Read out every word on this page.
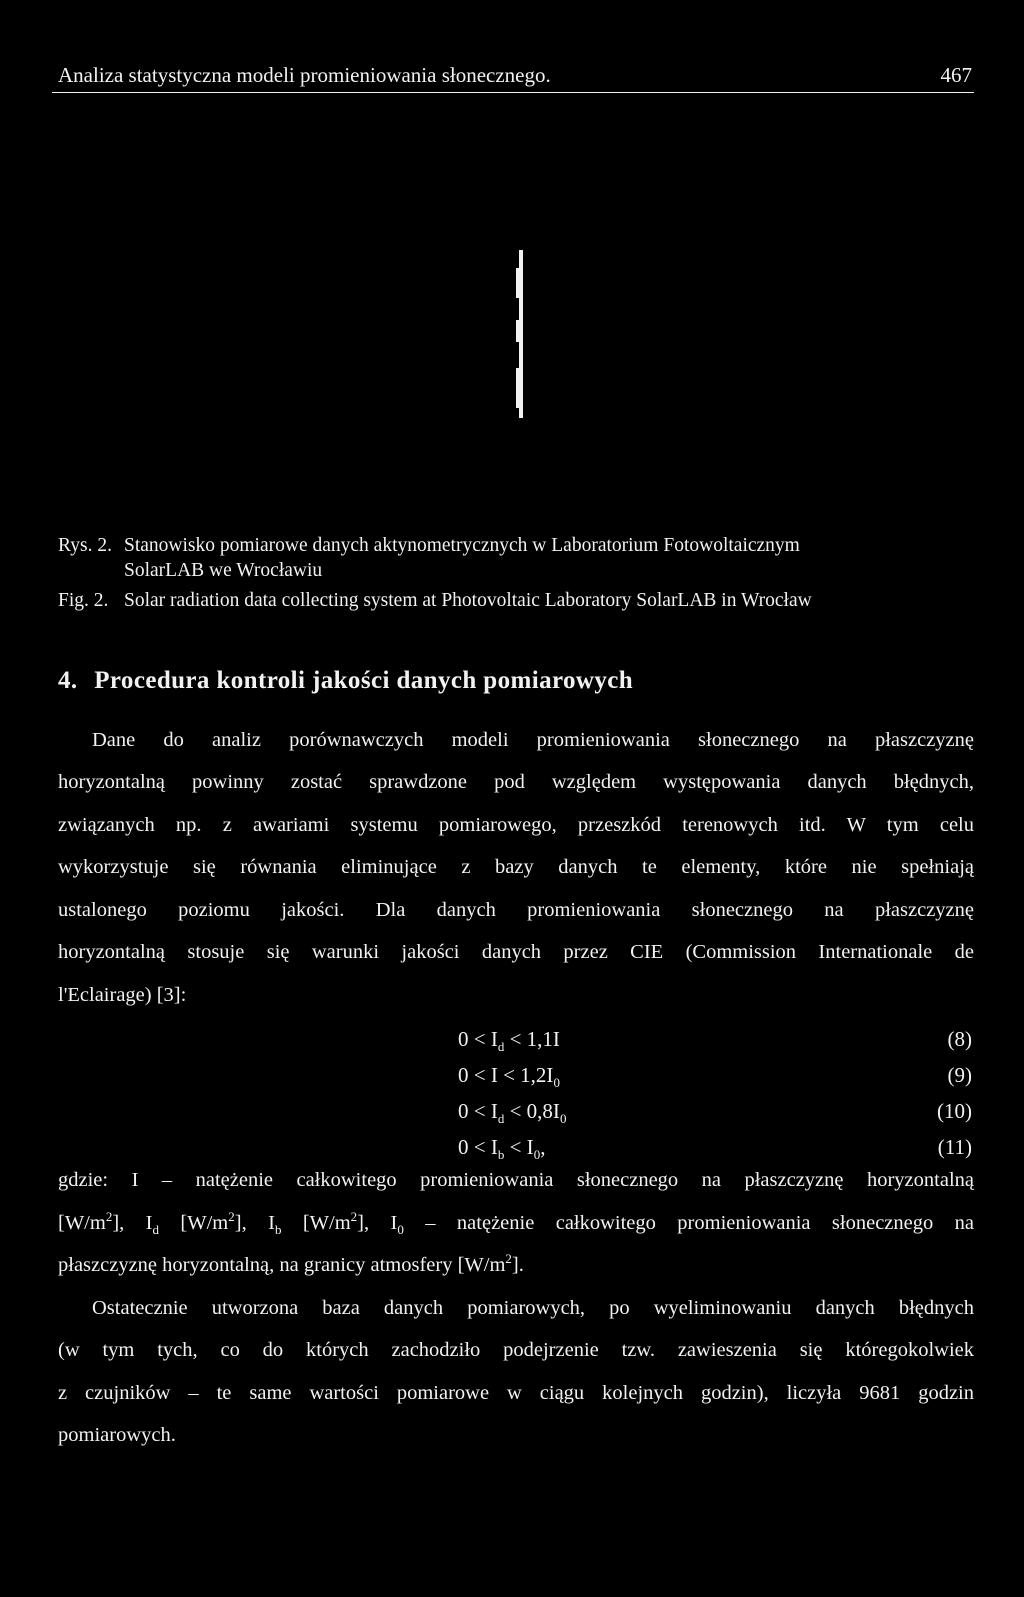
Analiza statystyczna modeli promieniowania słonecznego.	467
Rys. 2. Stanowisko pomiarowe danych aktynometrycznych w Laboratorium Fotowoltaicznym
SolarLAB we Wrocławiu
Fig. 2. Solar radiation data collecting system at Photovoltaic Laboratory SolarLAB in Wrocław
4. Procedura kontroli jakości danych pomiarowych
Dane do analiz porównawczych modeli promieniowania słonecznego na płaszczyznę
horyzontalną powinny zostać sprawdzone pod względem występowania danych błędnych,
związanych np. z awariami systemu pomiarowego, przeszkód terenowych itd. W tym celu
wykorzystuje się równania eliminujące z bazy danych te elementy, które nie spełniają
ustalonego poziomu jakości. Dla danych promieniowania słonecznego na płaszczyznę
horyzontalną stosuje się warunki jakości danych przez CIE (Commission Internationale de
l'Eclairage) [3]:
$0 < I_d < 1,1I$	(8)
$0 < I < 1,2I_0$	(9)
$0 < I_d < 0,8I_0$	(10)
$0 < I_b < I_0$,	(11)
gdzie: I – natężenie całkowitego promieniowania słonecznego na płaszczyznę horyzontalną
$[W/m^2]$, $I_d$ $[W/m^2]$, $I_b$ $[W/m^2]$, $I_0$ – natężenie całkowitego promieniowania słonecznego na
płaszczyznę horyzontalną, na granicy atmosfery $[W/m^2]$.
Ostatecznie utworzona baza danych pomiarowych, po wyeliminowaniu danych błędnych
(w tym tych, co do których zachodziło podejrzenie tzw. zawieszenia się któregokolwiek
z czujników – te same wartości pomiarowe w ciągu kolejnych godzin), liczyła 9681 godzin
pomiarowych.
